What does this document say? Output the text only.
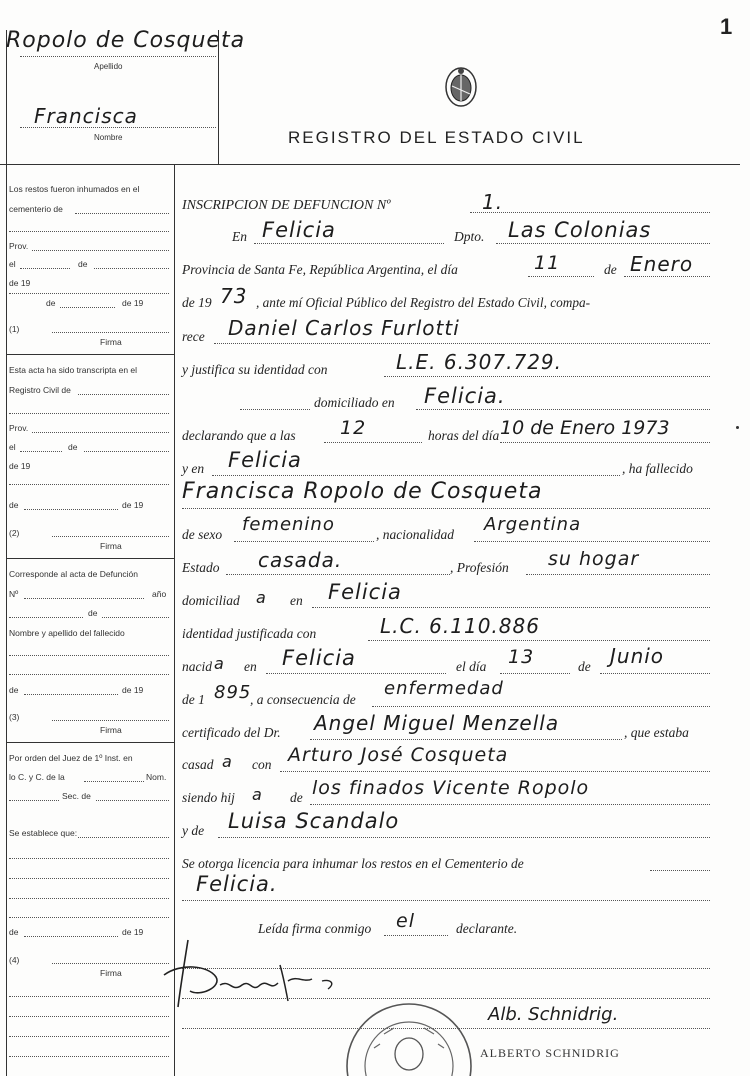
1
Ropolo de Cosqueta
Apellido
Francisca
Nombre	REGISTRO DEL ESTADO CIVIL
Los restos fueron inhumados en el
cementerio de
Prov.
el	de
de 19
de	de 19
(1)
Firma
Esta acta ha sido transcripta en el
Registro Civil de
Prov.
el	de
de 19
de	de 19
(2)
Firma
Corresponde al acta de Defunción
Nº	año
de
Nombre y apellido del fallecido
de	de 19
(3)
Firma
Por orden del Juez de 1º Inst. en
lo C. y C. de la	Nom.
Sec. de
Se establece que:
de	de 19
(4)
Firma
INSCRIPCION DE DEFUNCION Nº	1.
En Felicia	Dpto. Las Colonias
Provincia de Santa Fe, República Argentina, el día	11	de Enero
de 19 73 , ante mí Oficial Público del Registro del Estado Civil, compa-
rece Daniel Carlos Furlotti
y justifica su identidad con	L.E. 6.307.729.
domiciliado en Felicia.
declarando que a las 12	horas del día 10 de Enero 1973
y en Felicia	, ha fallecido
Francisca Ropolo de Cosqueta
de sexo femenino	, nacionalidad Argentina
Estado casada.	, Profesión su hogar
domiciliad a en Felicia
identidad justificada con	L.C. 6.110.886
nacid a en Felicia	el día 13	de Junio
de 1 895
, a consecuencia de
enfermedad
certificado del Dr. Angel Miguel Menzella	, que estaba
casad a con Arturo José Cosqueta
siendo hij a de los finados Vicente Ropolo
y de Luisa Scandalo
Se otorga licencia para inhumar los restos en el Cementerio de
Felicia.
Leída firma conmigo el	declarante.
Alb. Schnidrig.
ALBERTO SCHNIDRIG
